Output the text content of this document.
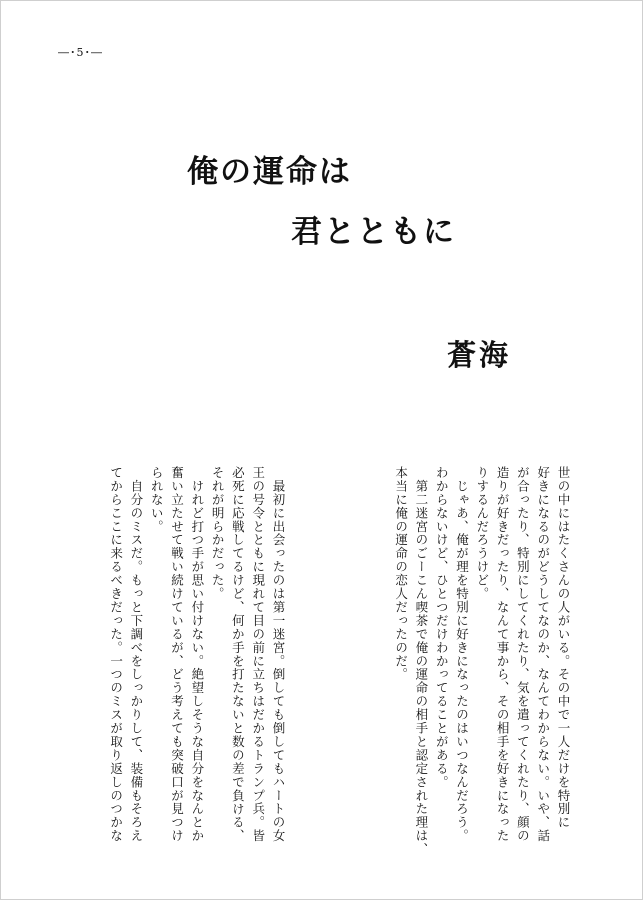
―･5･―
俺の運命は
君とともに
蒼海

世の中にはたくさんの人がいる。その中で一人だけを特別に

好きになるのがどうしてなのか、なんてわからない。いや、話

が合ったり、特別にしてくれたり、気を遣ってくれたり、顔の

造りが好きだったり、なんて事から、その相手を好きになった

りするんだろうけど。

　じゃあ、俺が理を特別に好きになったのはいつなんだろう。

わからないけど、ひとつだけわかってることがある。

　第二迷宮のごーこん喫茶で俺の運命の相手と認定された理は、

本当に俺の運命の恋人だったのだ。

　最初に出会ったのは第一迷宮。倒しても倒してもハートの女

王の号令とともに現れて目の前に立ちはだかるトランプ兵。皆

必死に応戦してるけど、何か手を打たないと数の差で負ける、

それが明らかだった。

　けれど打つ手が思い付けない。絶望しそうな自分をなんとか

奮い立たせて戦い続けているが、どう考えても突破口が見つけ

られない。

　自分のミスだ。もっと下調べをしっかりして、装備もそろえ

てからここに来るべきだった。一つのミスが取り返しのつかな
